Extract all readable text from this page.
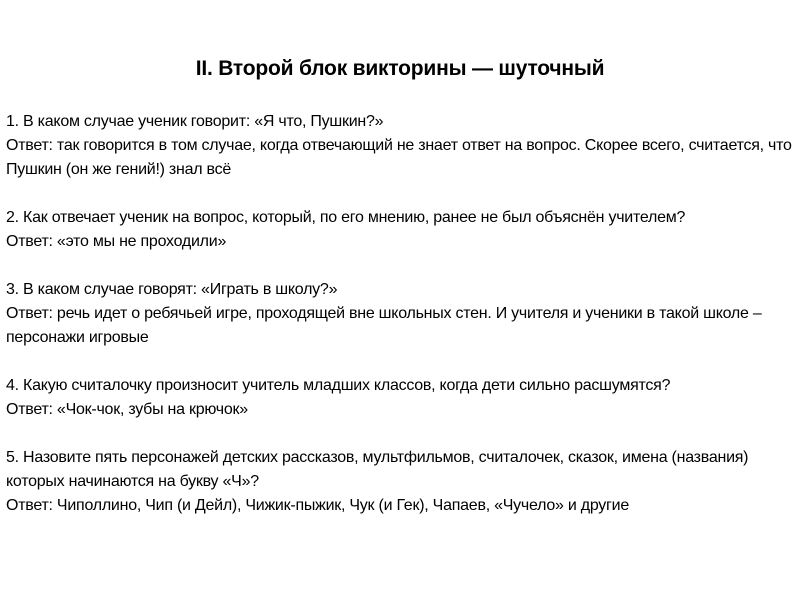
II. Второй блок викторины — шуточный
1. В каком случае ученик говорит: «Я что, Пушкин?»
Ответ: так говорится в том случае, когда отвечающий не знает ответ на вопрос. Скорее всего, считается, что Пушкин (он же гений!) знал всё
2. Как отвечает ученик на вопрос, который, по его мнению, ранее не был объяснён учителем?
Ответ: «это мы не проходили»
3. В каком случае говорят: «Играть в школу?»
Ответ: речь идет о ребячьей игре, проходящей вне школьных стен. И учителя и ученики в такой школе – персонажи игровые
4. Какую считалочку произносит учитель младших классов, когда дети сильно расшумятся?
Ответ: «Чок-чок, зубы на крючок»
5. Назовите пять персонажей детских рассказов, мультфильмов, считалочек, сказок, имена (названия) которых начинаются на букву «Ч»?
Ответ: Чиполлино, Чип (и Дейл), Чижик-пыжик, Чук (и Гек), Чапаев, «Чучело» и другие
